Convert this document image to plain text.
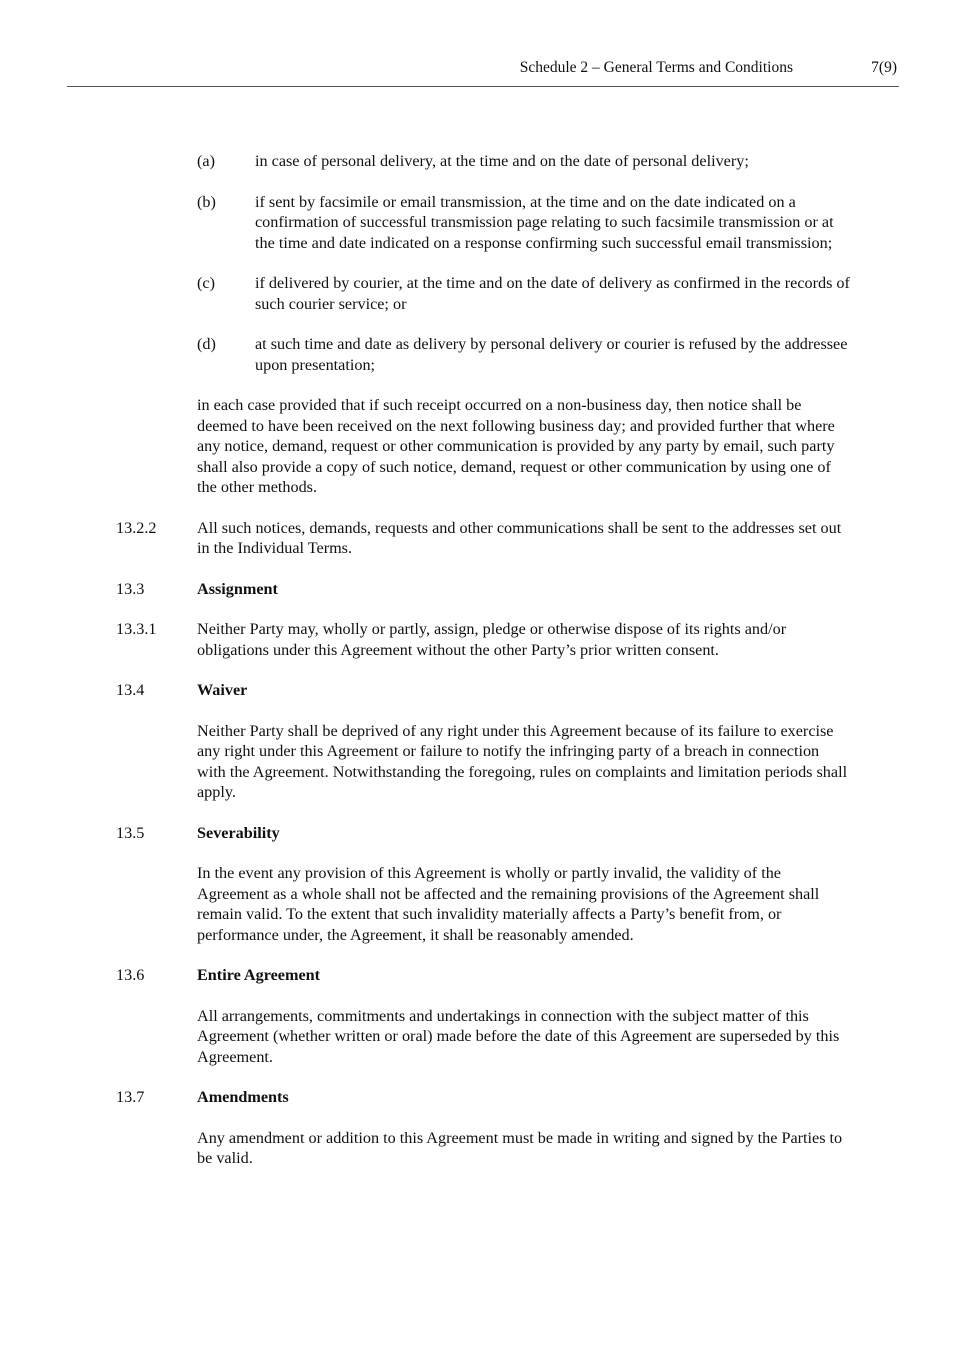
Schedule 2 – General Terms and Conditions	7(9)
(a) in case of personal delivery, at the time and on the date of personal delivery;
(b) if sent by facsimile or email transmission, at the time and on the date indicated on a confirmation of successful transmission page relating to such facsimile transmission or at the time and date indicated on a response confirming such successful email transmission;
(c) if delivered by courier, at the time and on the date of delivery as confirmed in the records of such courier service; or
(d) at such time and date as delivery by personal delivery or courier is refused by the addressee upon presentation;
in each case provided that if such receipt occurred on a non-business day, then notice shall be deemed to have been received on the next following business day; and provided further that where any notice, demand, request or other communication is provided by any party by email, such party shall also provide a copy of such notice, demand, request or other communication by using one of the other methods.
13.2.2	All such notices, demands, requests and other communications shall be sent to the addresses set out in the Individual Terms.
13.3	Assignment
13.3.1	Neither Party may, wholly or partly, assign, pledge or otherwise dispose of its rights and/or obligations under this Agreement without the other Party’s prior written consent.
13.4	Waiver
Neither Party shall be deprived of any right under this Agreement because of its failure to exercise any right under this Agreement or failure to notify the infringing party of a breach in connection with the Agreement. Notwithstanding the foregoing, rules on complaints and limitation periods shall apply.
13.5	Severability
In the event any provision of this Agreement is wholly or partly invalid, the validity of the Agreement as a whole shall not be affected and the remaining provisions of the Agreement shall remain valid. To the extent that such invalidity materially affects a Party’s benefit from, or performance under, the Agreement, it shall be reasonably amended.
13.6	Entire Agreement
All arrangements, commitments and undertakings in connection with the subject matter of this Agreement (whether written or oral) made before the date of this Agreement are superseded by this Agreement.
13.7	Amendments
Any amendment or addition to this Agreement must be made in writing and signed by the Parties to be valid.
